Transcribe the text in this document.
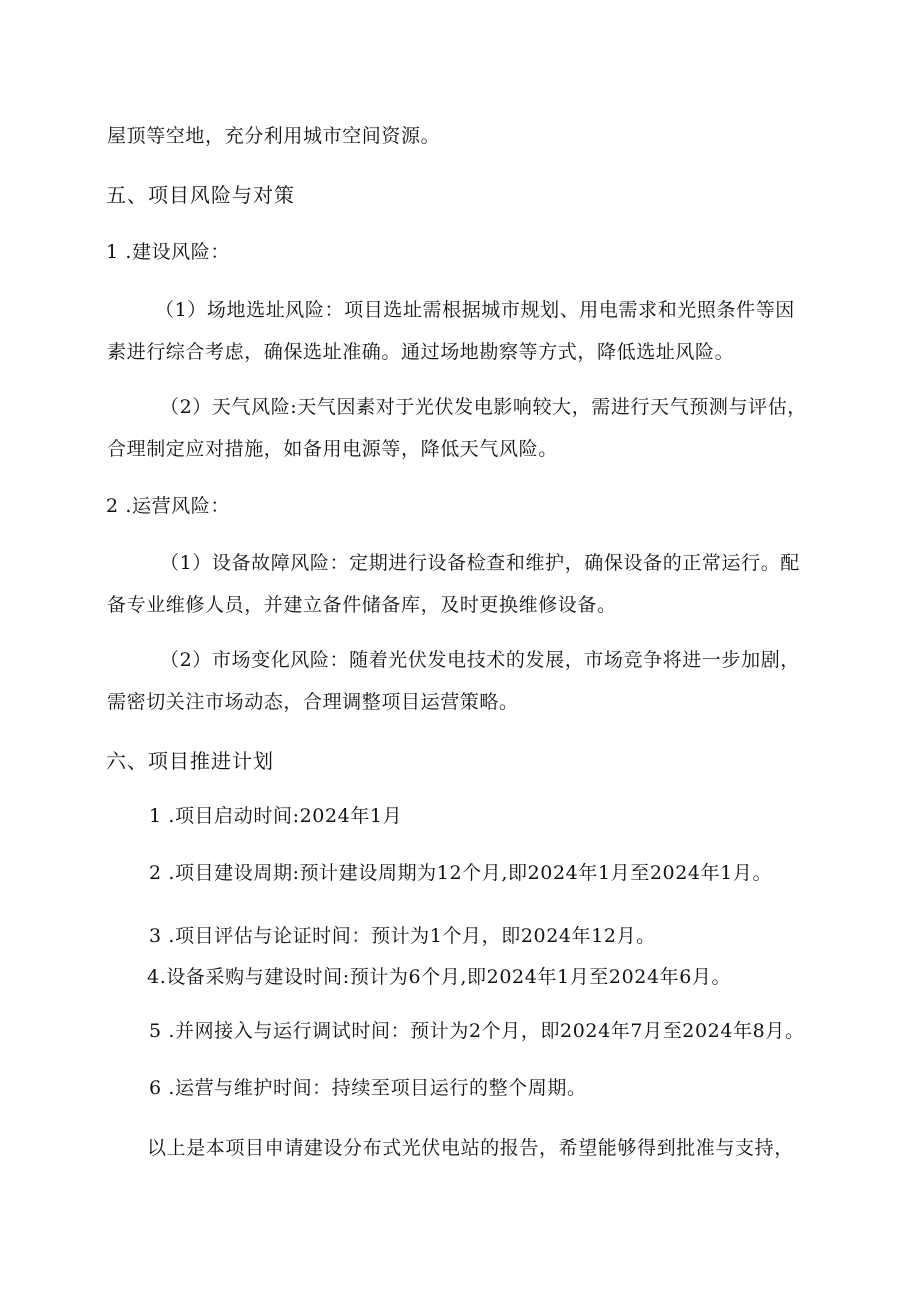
屋顶等空地，充分利用城市空间资源。
五、项目风险与对策
1 .建设风险：
（1）场地选址风险：项目选址需根据城市规划、用电需求和光照条件等因
素进行综合考虑，确保选址准确。通过场地勘察等方式，降低选址风险。
（2）天气风险:天气因素对于光伏发电影响较大，需进行天气预测与评估，
合理制定应对措施，如备用电源等，降低天气风险。
2 .运营风险：
（1）设备故障风险：定期进行设备检查和维护，确保设备的正常运行。配
备专业维修人员，并建立备件储备库，及时更换维修设备。
（2）市场变化风险：随着光伏发电技术的发展，市场竞争将进一步加剧，
需密切关注市场动态，合理调整项目运营策略。
六、项目推进计划
1 .项目启动时间:2024年1月
2 .项目建设周期:预计建设周期为12个月,即2024年1月至2024年1月。
3 .项目评估与论证时间：预计为1个月，即2024年12月。
4.设备采购与建设时间:预计为6个月,即2024年1月至2024年6月。
5 .并网接入与运行调试时间：预计为2个月，即2024年7月至2024年8月。
6 .运营与维护时间：持续至项目运行的整个周期。
以上是本项目申请建设分布式光伏电站的报告，希望能够得到批准与支持，
